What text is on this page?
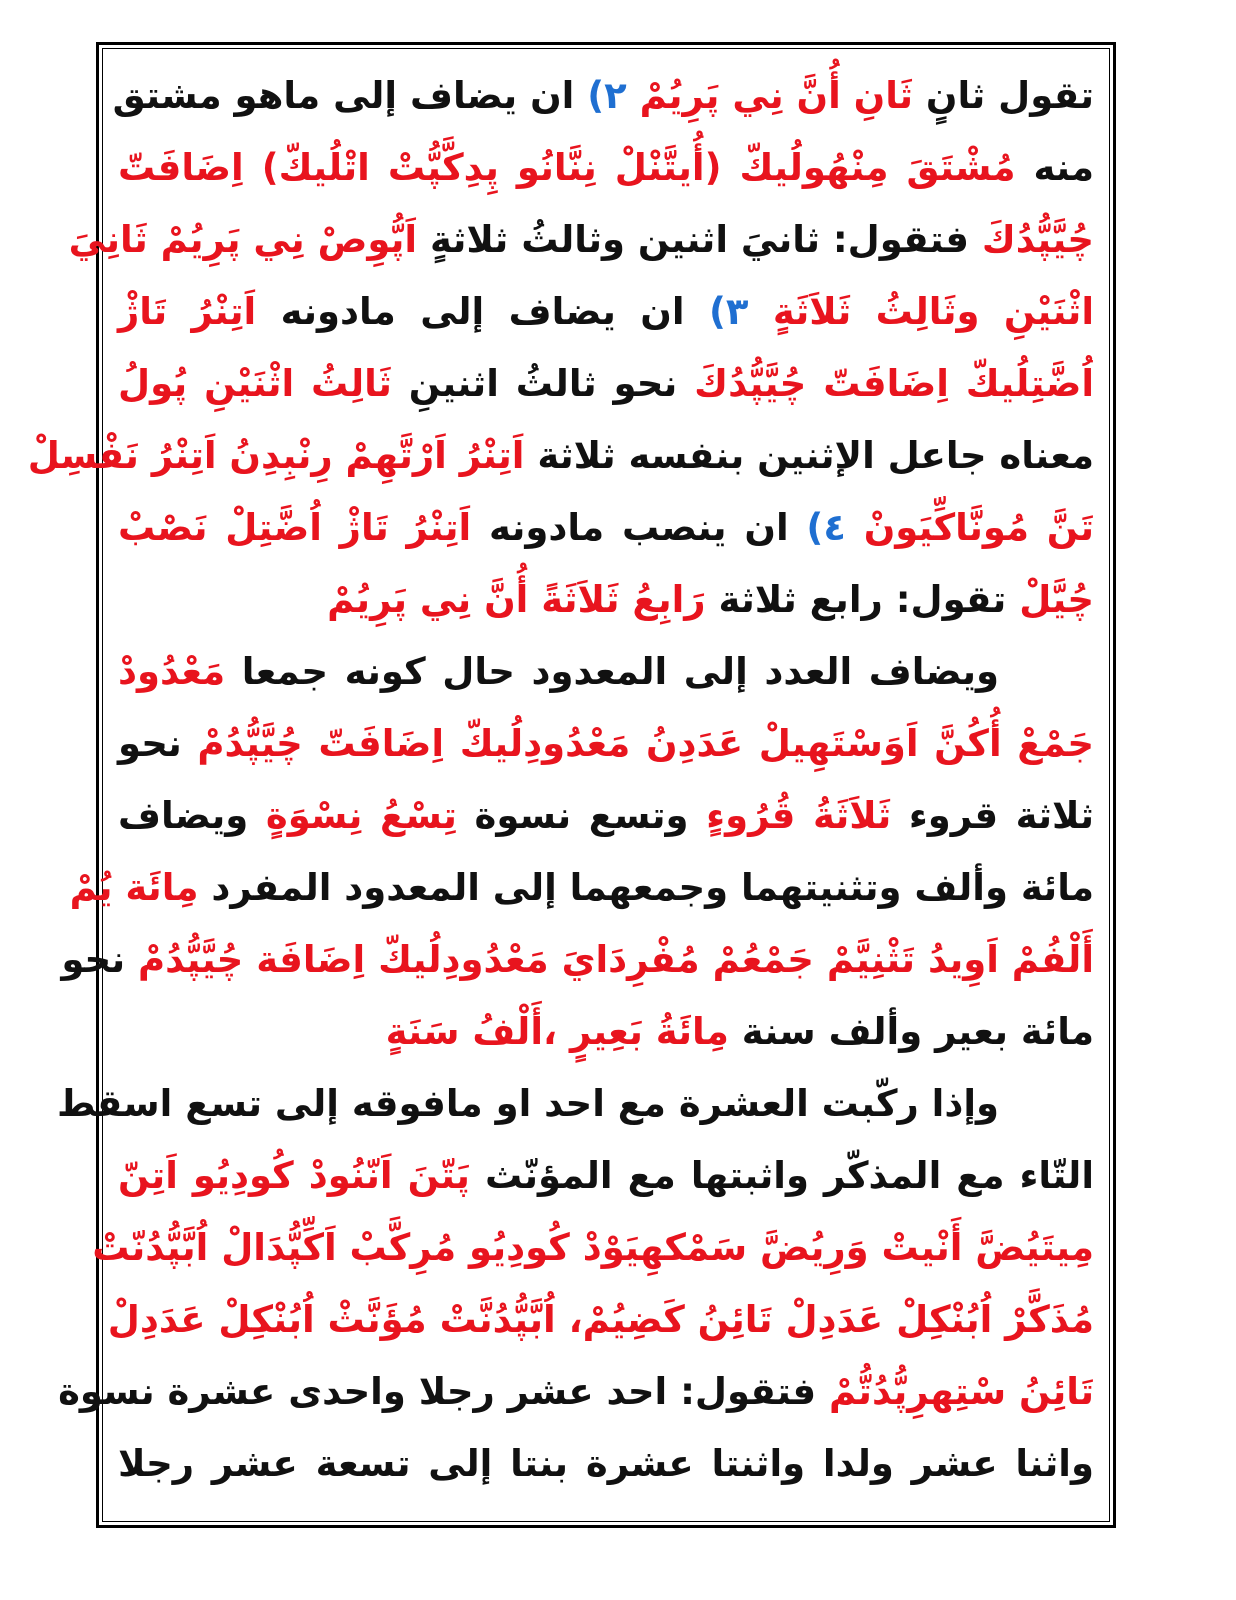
تقول ثانٍ ثَانِ أُنَّ نِي پَرِيُمْ ٢) ان يضاف إلى ماهو مشتق
منه مُشْتَقَ مِنْهُولُيكّ (أُيتَّنْلْ نِنَّانُو پِدِكَّپُّتْ اتْلُيكّ) اِضَافَتّ
چُيَّپُّدُكَ فتقول: ثانيَ اثنين وثالثُ ثلاثةٍ اَپُّوِصْ نِي پَرِيُمْ ثَانِيَ
اثْنَيْنِ وثَالِثُ ثَلاَثَةٍ ٣) ان يضاف إلى مادونه اَتِنْرُ تَاژْ
اُضَّتِلُيكّ اِضَافَتّ چُيَّپُّدُكَ نحو ثالثُ اثنينِ ثَالِثُ اثْنَيْنِ پُولُ
معناه جاعل الإثنين بنفسه ثلاثة اَتِنْرُ اَرْتَّهِمْ رِنْبِدِنُ اَتِنْرُ نَفْسِلْ
تَنَّ مُونَّاكِّيَونْ ٤) ان ينصب مادونه اَتِنْرُ تَاژْ اُضَّتِلْ نَصْبْ
چُيَّلْ تقول: رابع ثلاثة رَابِعُ ثَلاَثَةً أُنَّ نِي پَرِيُمْ
ويضاف العدد إلى المعدود حال كونه جمعا مَعْدُودْ
جَمْعْ أُكُنَّ اَوَسْتَهِيلْ عَدَدِنُ مَعْدُودِلُيكّ اِضَافَتّ چُيَّپُّدُمْ نحو
ثلاثة قروء ثَلاَثَةُ قُرُوءٍ وتسع نسوة تِسْعُ نِسْوَةٍ ويضاف
مائة وألف وتثنيتهما وجمعهما إلى المعدود المفرد مِائَة يُمْ
أَلْفُمْ اَوِيدُ تَثْنِيَّمْ جَمْعُمْ مُفْرِدَايَ مَعْدُودِلُيكّ اِضَافَة چُيَّپُّدُمْ نحو
مائة بعير وألف سنة مِائَةُ بَعِيرٍ ،أَلْفُ سَنَةٍ
وإذا ركّبت العشرة مع احد او مافوقه إلى تسع اسقط
التّاء مع المذكّر واثبتها مع المؤنّث پَتّنَ اَنّنُودْ كُودِيُو اَتِنّ
مِيتَيُضَّ أَنْيتْ وَرِيُضَّ سَمْكهِيَوْدْ كُودِيُو مُرِكَّبْ اَكِّپُّدَالْ اُبَّپُّدُنّتْ
مُذَكَّرْ اُبُنْكِلْ عَدَدِلْ تَائِنُ كَضِيُمْ، اُبَّپُّدُنَّتْ مُؤَنَّثْ اُبُنْكِلْ عَدَدِلْ
تَائِنُ سْتِهرِپُّدُتُّمْ فتقول: احد عشر رجلا واحدى عشرة نسوة
واثنا عشر ولدا واثنتا عشرة بنتا إلى تسعة عشر رجلا
